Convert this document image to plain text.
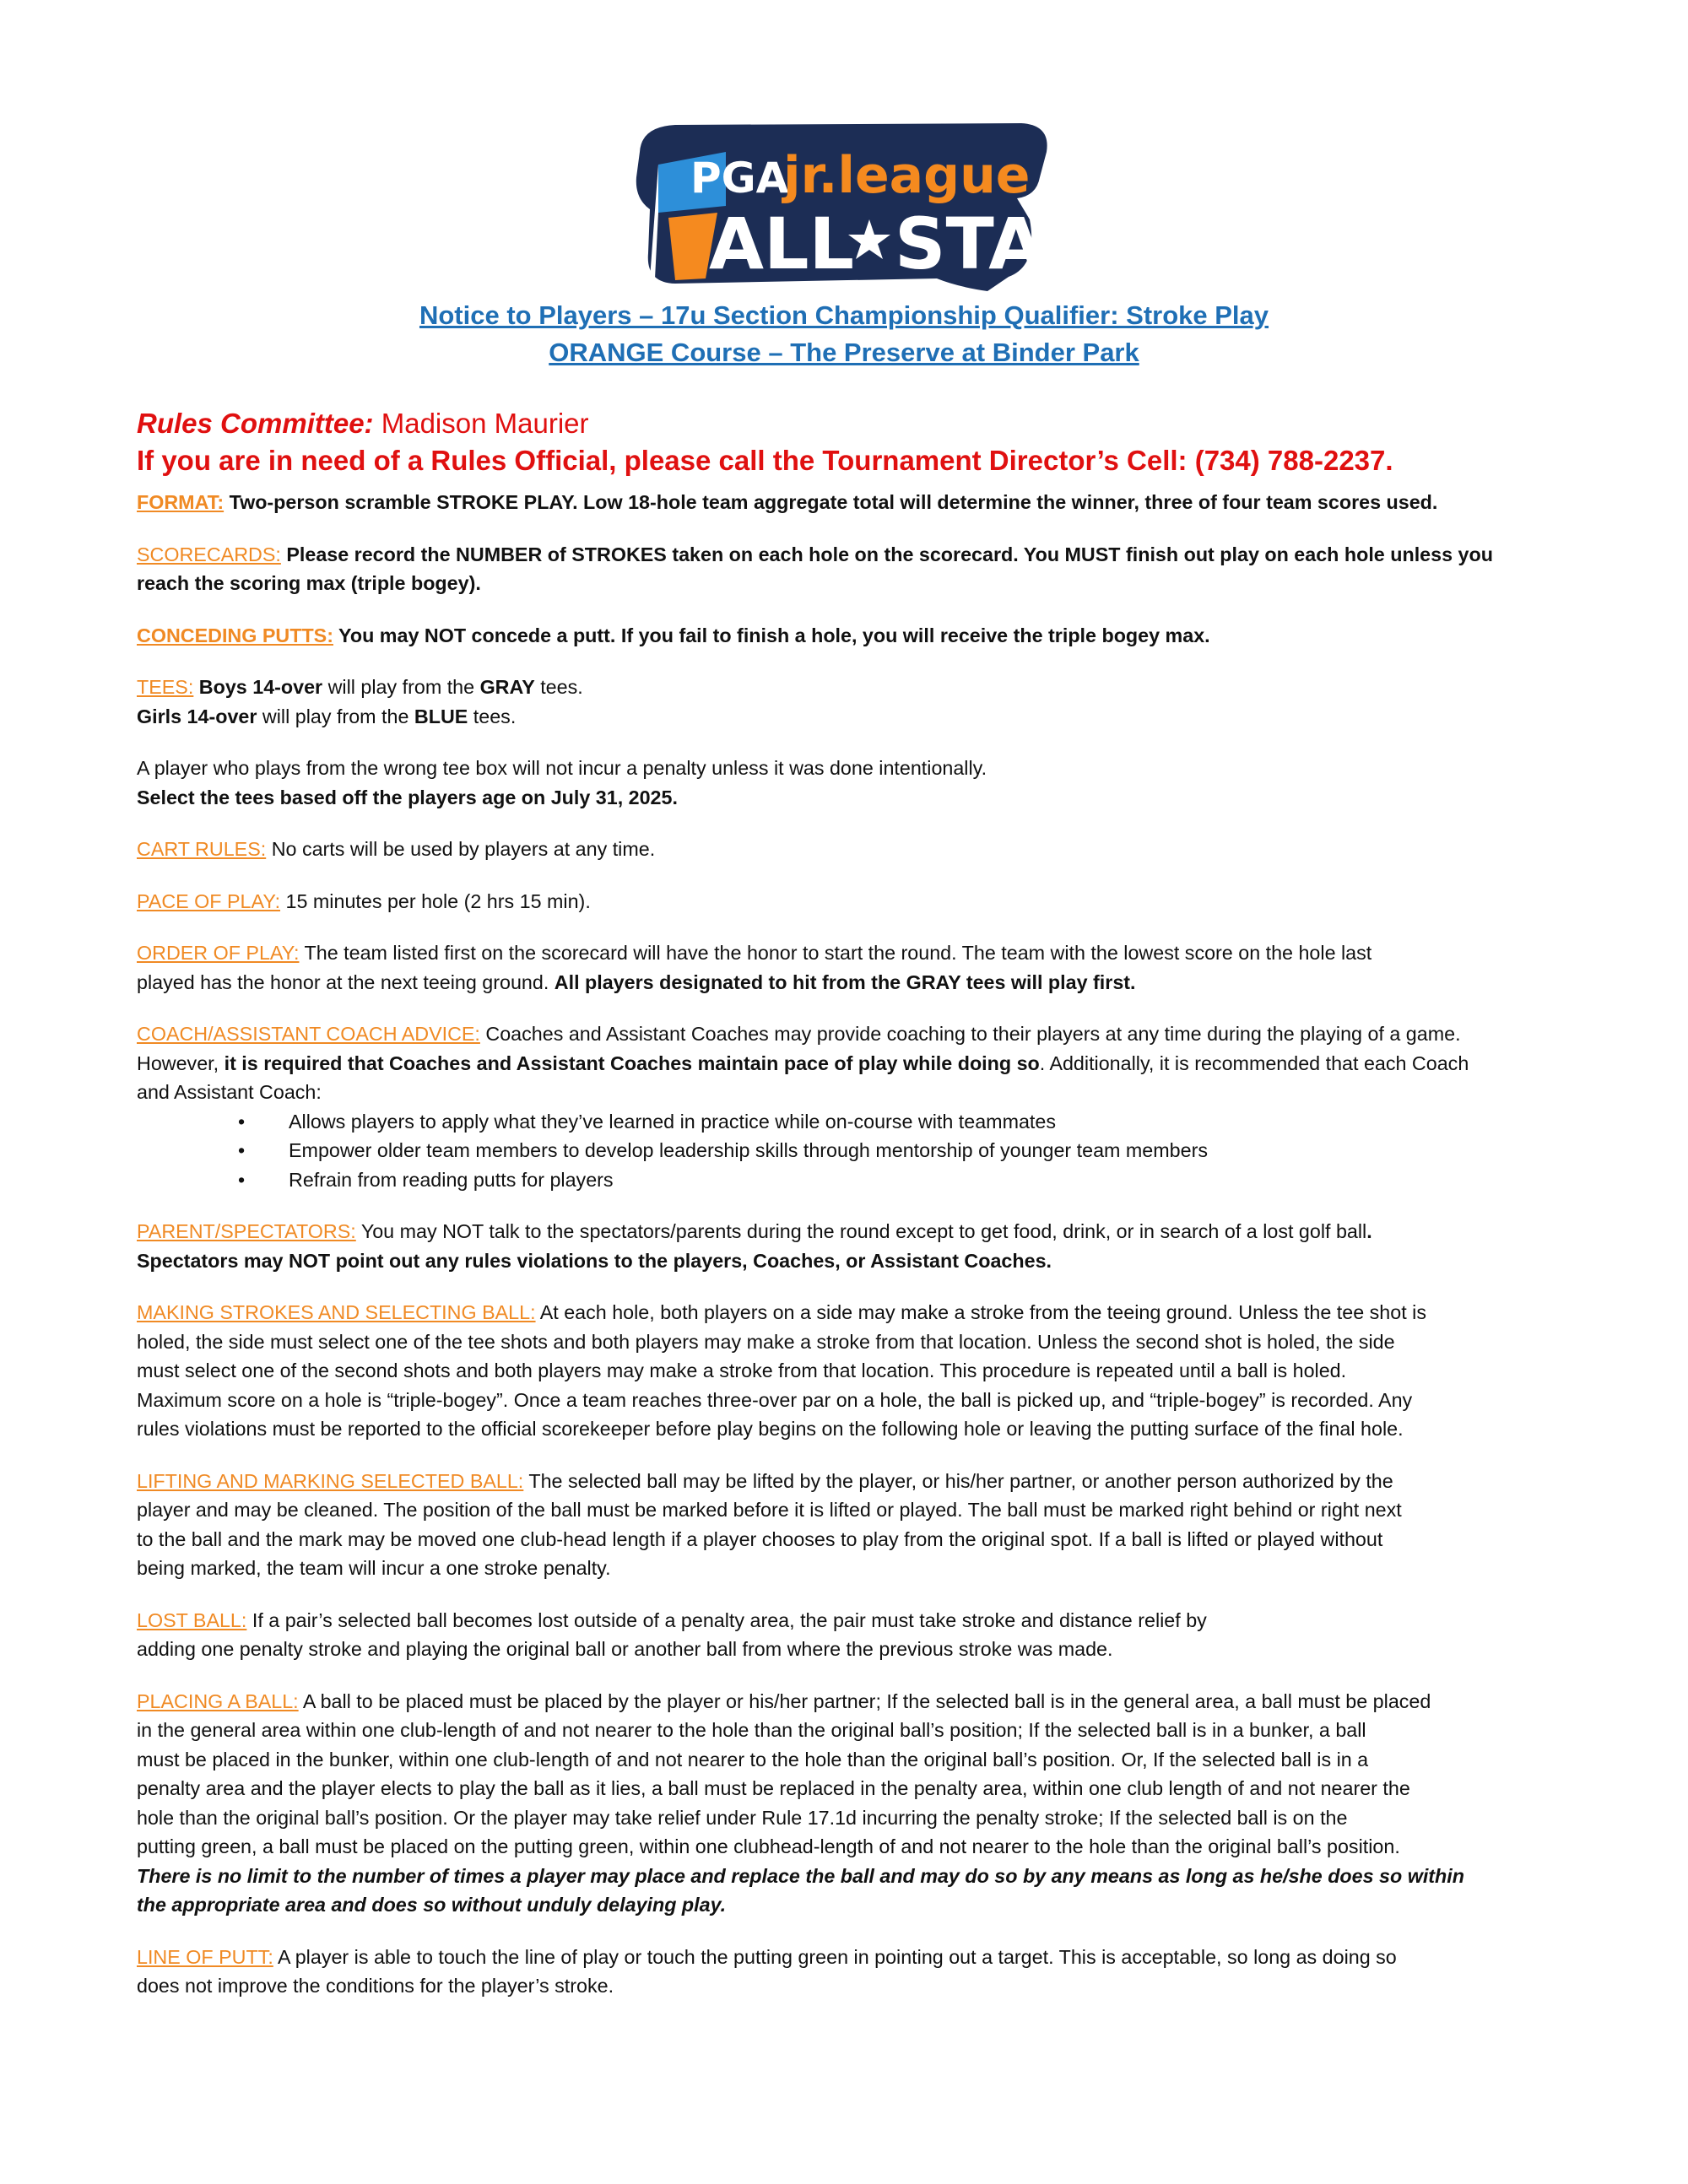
PGA
jr.league
ALL STAR
Notice to Players – 17u Section Championship Qualifier: Stroke Play
ORANGE Course – The Preserve at Binder Park
Rules Committee: Madison Maurier
If you are in need of a Rules Official, please call the Tournament Director’s Cell: (734) 788-2237.

FORMAT: Two-person scramble STROKE PLAY. Low 18-hole team aggregate total will determine the winner, three of four team scores used.

SCORECARDS: Please record the NUMBER of STROKES taken on each hole on the scorecard. You MUST finish out play on each hole unless you
reach the scoring max (triple bogey).

CONCEDING PUTTS: You may NOT concede a putt. If you fail to finish a hole, you will receive the triple bogey max.

TEES: Boys 14-over will play from the GRAY tees.
Girls 14-over will play from the BLUE tees.

A player who plays from the wrong tee box will not incur a penalty unless it was done intentionally.
Select the tees based off the players age on July 31, 2025.

CART RULES: No carts will be used by players at any time.

PACE OF PLAY: 15 minutes per hole (2 hrs 15 min).

ORDER OF PLAY: The team listed first on the scorecard will have the honor to start the round. The team with the lowest score on the hole last
played has the honor at the next teeing ground. All players designated to hit from the GRAY tees will play first.

COACH/ASSISTANT COACH ADVICE: Coaches and Assistant Coaches may provide coaching to their players at any time during the playing of a game.
However, it is required that Coaches and Assistant Coaches maintain pace of play while doing so. Additionally, it is recommended that each Coach
and Assistant Coach:
• Allows players to apply what they’ve learned in practice while on-course with teammates
• Empower older team members to develop leadership skills through mentorship of younger team members
• Refrain from reading putts for players

PARENT/SPECTATORS: You may NOT talk to the spectators/parents during the round except to get food, drink, or in search of a lost golf ball.
Spectators may NOT point out any rules violations to the players, Coaches, or Assistant Coaches.

MAKING STROKES AND SELECTING BALL: At each hole, both players on a side may make a stroke from the teeing ground. Unless the tee shot is
holed, the side must select one of the tee shots and both players may make a stroke from that location. Unless the second shot is holed, the side
must select one of the second shots and both players may make a stroke from that location. This procedure is repeated until a ball is holed.
Maximum score on a hole is “triple-bogey”. Once a team reaches three-over par on a hole, the ball is picked up, and “triple-bogey” is recorded. Any
rules violations must be reported to the official scorekeeper before play begins on the following hole or leaving the putting surface of the final hole.

LIFTING AND MARKING SELECTED BALL: The selected ball may be lifted by the player, or his/her partner, or another person authorized by the
player and may be cleaned. The position of the ball must be marked before it is lifted or played. The ball must be marked right behind or right next
to the ball and the mark may be moved one club-head length if a player chooses to play from the original spot. If a ball is lifted or played without
being marked, the team will incur a one stroke penalty.

LOST BALL: If a pair’s selected ball becomes lost outside of a penalty area, the pair must take stroke and distance relief by
adding one penalty stroke and playing the original ball or another ball from where the previous stroke was made.

PLACING A BALL: A ball to be placed must be placed by the player or his/her partner; If the selected ball is in the general area, a ball must be placed
in the general area within one club-length of and not nearer to the hole than the original ball’s position; If the selected ball is in a bunker, a ball
must be placed in the bunker, within one club-length of and not nearer to the hole than the original ball’s position. Or, If the selected ball is in a
penalty area and the player elects to play the ball as it lies, a ball must be replaced in the penalty area, within one club length of and not nearer the
hole than the original ball’s position. Or the player may take relief under Rule 17.1d incurring the penalty stroke; If the selected ball is on the
putting green, a ball must be placed on the putting green, within one clubhead-length of and not nearer to the hole than the original ball’s position.
There is no limit to the number of times a player may place and replace the ball and may do so by any means as long as he/she does so within
the appropriate area and does so without unduly delaying play.

LINE OF PUTT: A player is able to touch the line of play or touch the putting green in pointing out a target. This is acceptable, so long as doing so
does not improve the conditions for the player’s stroke.
